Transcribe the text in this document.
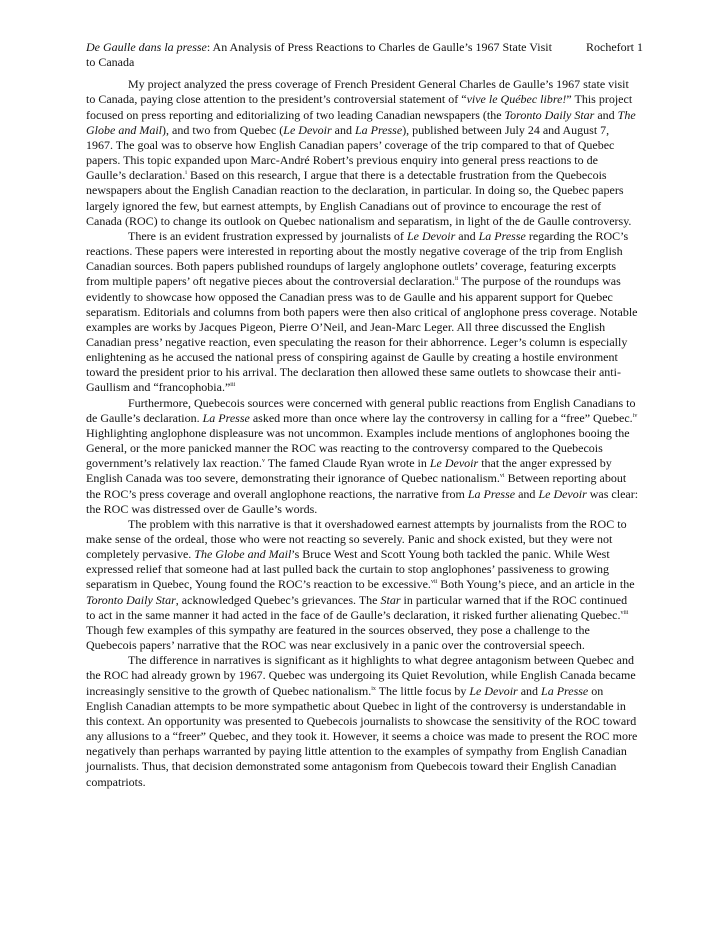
De Gaulle dans la presse: An Analysis of Press Reactions to Charles de Gaulle’s 1967 State Visit to Canada
Rochefort 1

My project analyzed the press coverage of French President General Charles de Gaulle’s 1967 state visit to Canada, paying close attention to the president’s controversial statement of “vive le Québec libre!” This project focused on press reporting and editorializing of two leading Canadian newspapers (the Toronto Daily Star and The Globe and Mail), and two from Quebec (Le Devoir and La Presse), published between July 24 and August 7, 1967. The goal was to observe how English Canadian papers’ coverage of the trip compared to that of Quebec papers. This topic expanded upon Marc-André Robert’s previous enquiry into general press reactions to de Gaulle’s declaration.$^i$ Based on this research, I argue that there is a detectable frustration from the Quebecois newspapers about the English Canadian reaction to the declaration, in particular. In doing so, the Quebec papers largely ignored the few, but earnest attempts, by English Canadians out of province to encourage the rest of Canada (ROC) to change its outlook on Quebec nationalism and separatism, in light of the de Gaulle controversy.

There is an evident frustration expressed by journalists of Le Devoir and La Presse regarding the ROC’s reactions. These papers were interested in reporting about the mostly negative coverage of the trip from English Canadian sources. Both papers published roundups of largely anglophone outlets’ coverage, featuring excerpts from multiple papers’ oft negative pieces about the controversial declaration.$^{ii}$ The purpose of the roundups was evidently to showcase how opposed the Canadian press was to de Gaulle and his apparent support for Quebec separatism. Editorials and columns from both papers were then also critical of anglophone press coverage. Notable examples are works by Jacques Pigeon, Pierre O’Neil, and Jean-Marc Leger. All three discussed the English Canadian press’ negative reaction, even speculating the reason for their abhorrence. Leger’s column is especially enlightening as he accused the national press of conspiring against de Gaulle by creating a hostile environment toward the president prior to his arrival. The declaration then allowed these same outlets to showcase their anti-Gaullism and “francophobia.”$^{iii}$

Furthermore, Quebecois sources were concerned with general public reactions from English Canadians to de Gaulle’s declaration. La Presse asked more than once where lay the controversy in calling for a “free” Quebec.$^{iv}$ Highlighting anglophone displeasure was not uncommon. Examples include mentions of anglophones booing the General, or the more panicked manner the ROC was reacting to the controversy compared to the Quebecois government’s relatively lax reaction.$^v$ The famed Claude Ryan wrote in Le Devoir that the anger expressed by English Canada was too severe, demonstrating their ignorance of Quebec nationalism.$^{vi}$ Between reporting about the ROC’s press coverage and overall anglophone reactions, the narrative from La Presse and Le Devoir was clear: the ROC was distressed over de Gaulle’s words.

The problem with this narrative is that it overshadowed earnest attempts by journalists from the ROC to make sense of the ordeal, those who were not reacting so severely. Panic and shock existed, but they were not completely pervasive. The Globe and Mail’s Bruce West and Scott Young both tackled the panic. While West expressed relief that someone had at last pulled back the curtain to stop anglophones’ passiveness to growing separatism in Quebec, Young found the ROC’s reaction to be excessive.$^{vii}$ Both Young’s piece, and an article in the Toronto Daily Star, acknowledged Quebec’s grievances. The Star in particular warned that if the ROC continued to act in the same manner it had acted in the face of de Gaulle’s declaration, it risked further alienating Quebec.$^{viii}$ Though few examples of this sympathy are featured in the sources observed, they pose a challenge to the Quebecois papers’ narrative that the ROC was near exclusively in a panic over the controversial speech.

The difference in narratives is significant as it highlights to what degree antagonism between Quebec and the ROC had already grown by 1967. Quebec was undergoing its Quiet Revolution, while English Canada became increasingly sensitive to the growth of Quebec nationalism.$^{ix}$ The little focus by Le Devoir and La Presse on English Canadian attempts to be more sympathetic about Quebec in light of the controversy is understandable in this context. An opportunity was presented to Quebecois journalists to showcase the sensitivity of the ROC toward any allusions to a “freer” Quebec, and they took it. However, it seems a choice was made to present the ROC more negatively than perhaps warranted by paying little attention to the examples of sympathy from English Canadian journalists. Thus, that decision demonstrated some antagonism from Quebecois toward their English Canadian compatriots.
